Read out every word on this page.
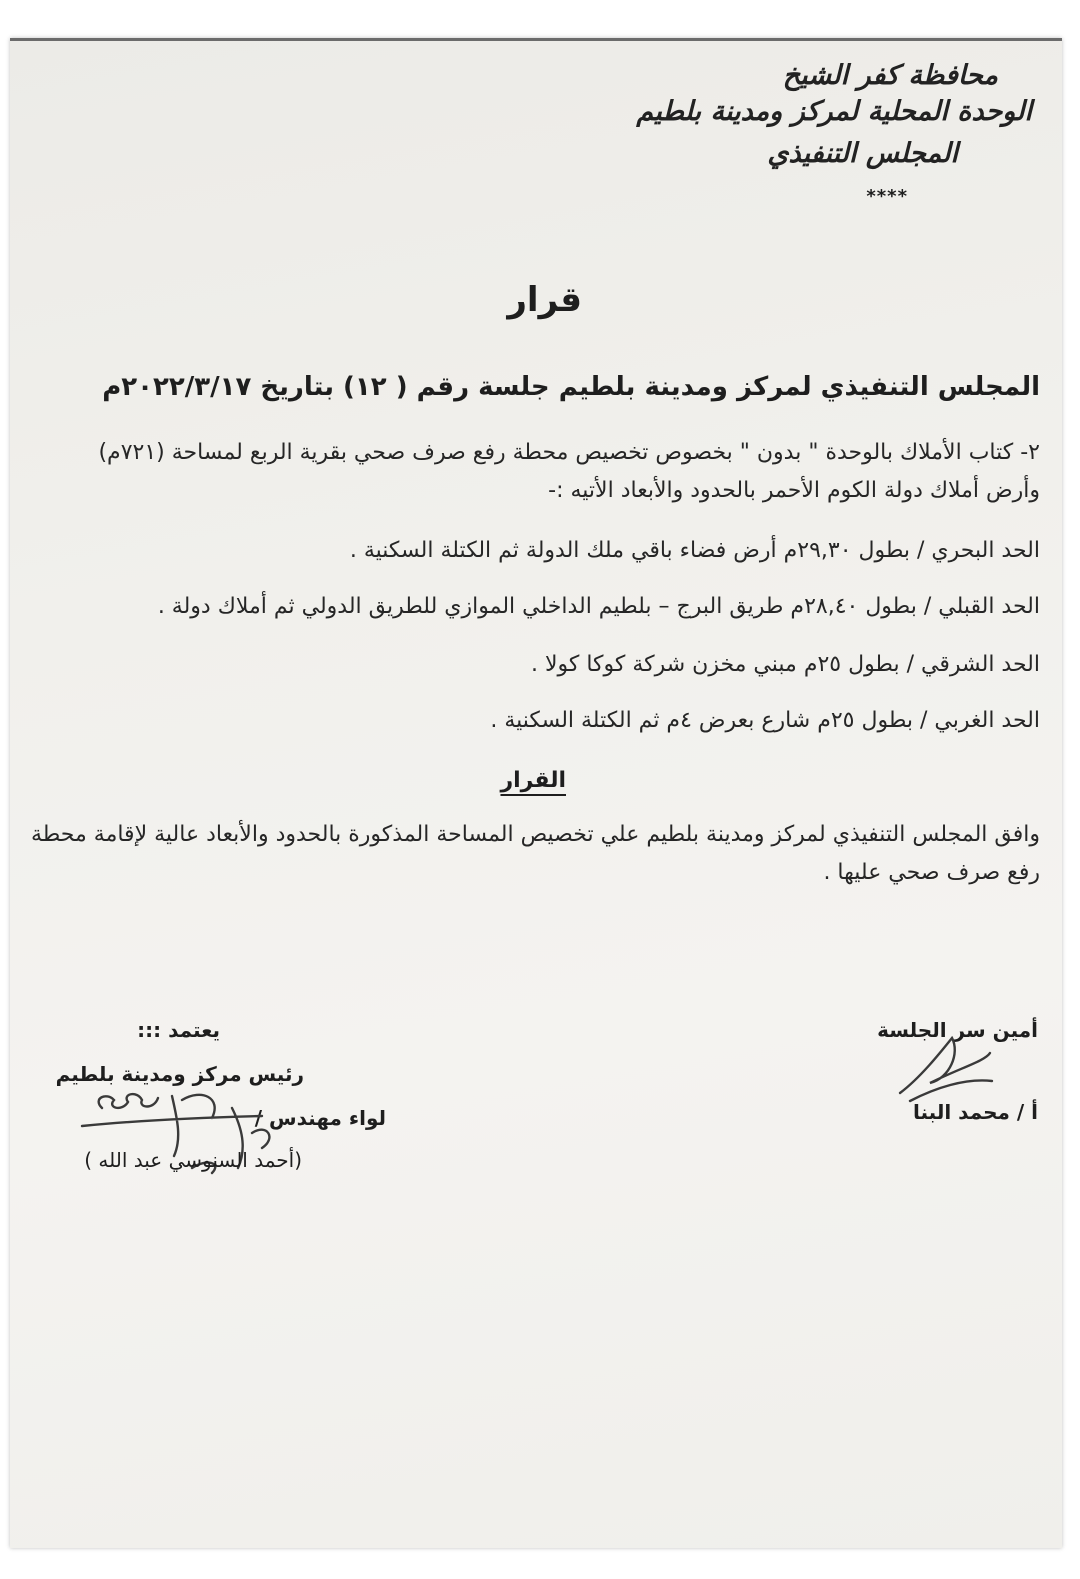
محافظة كفر الشيخ
الوحدة المحلية لمركز ومدينة بلطيم
المجلس التنفيذي
****
قرار
المجلس التنفيذي لمركز ومدينة بلطيم جلسة رقم ( ١٢) بتاريخ ٢٠٢٢/٣/١٧م
٢- كتاب الأملاك بالوحدة " بدون " بخصوص تخصيص محطة رفع صرف صحي بقرية الربع لمساحة (٧٢١م)
وأرض أملاك دولة الكوم الأحمر بالحدود والأبعاد الأتيه :-
الحد البحري / بطول ٢٩,٣٠م أرض فضاء باقي ملك الدولة ثم الكتلة السكنية .
الحد القبلي / بطول ٢٨,٤٠م طريق البرج – بلطيم الداخلي الموازي للطريق الدولي ثم أملاك دولة .
الحد الشرقي / بطول ٢٥م مبني مخزن شركة كوكا كولا .
الحد الغربي / بطول ٢٥م شارع بعرض ٤م ثم الكتلة السكنية .
القرار
وافق المجلس التنفيذي لمركز ومدينة بلطيم علي تخصيص المساحة المذكورة بالحدود والأبعاد عالية لإقامة محطة
رفع صرف صحي عليها .
أمين سر الجلسة
أ / محمد البنا
يعتمد :::
رئيس مركز ومدينة بلطيم
لواء مهندس /
(أحمد السنوسي عبد الله )
